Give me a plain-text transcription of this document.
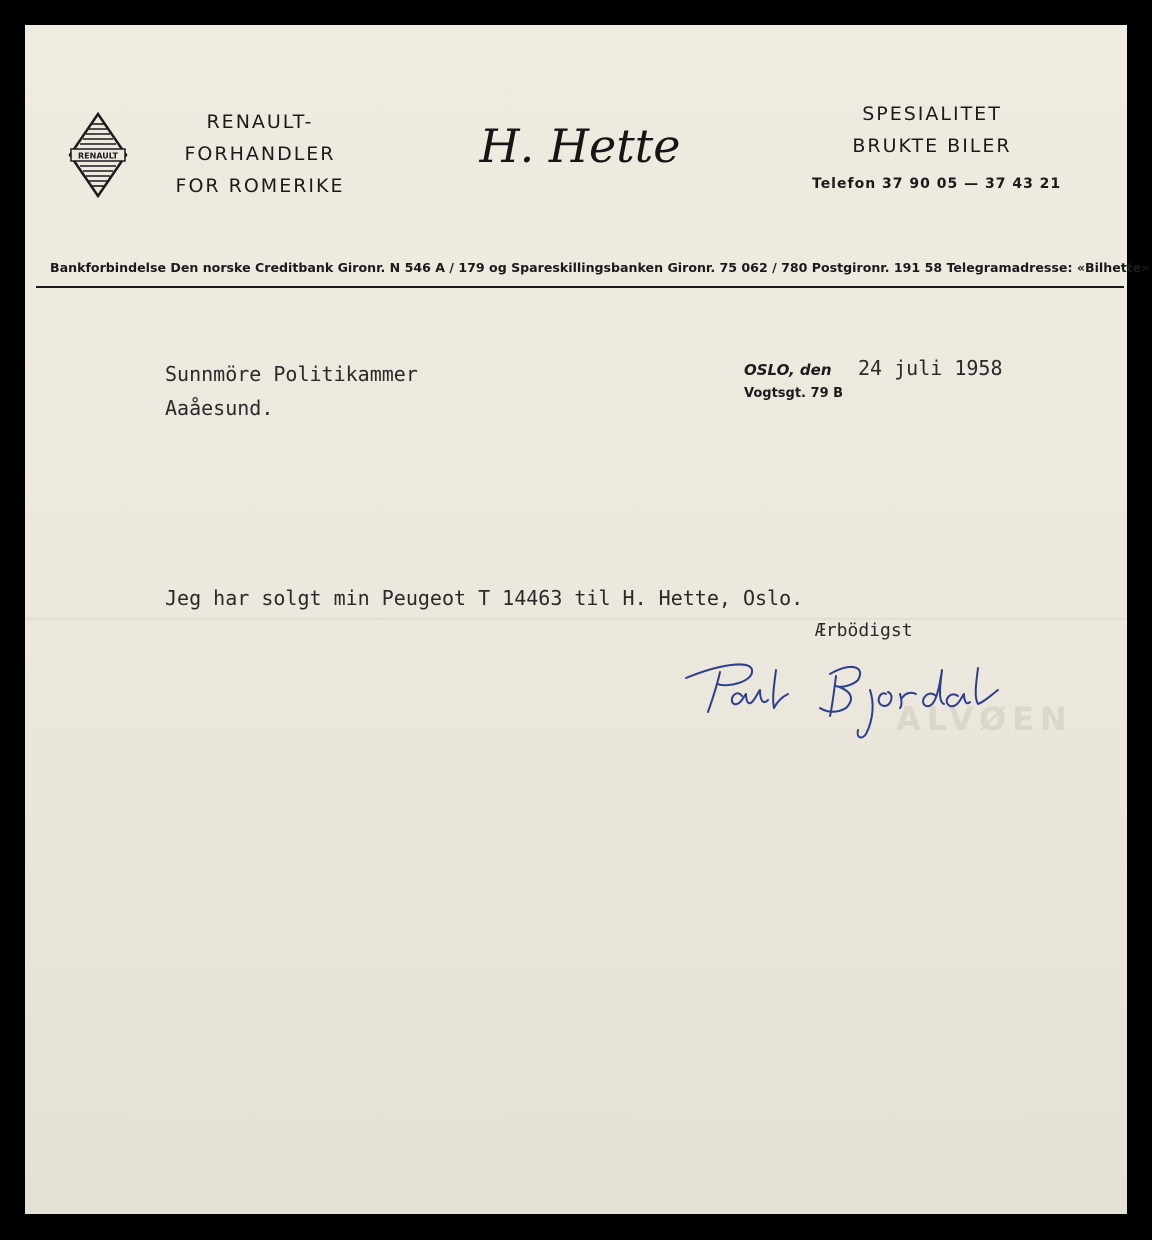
RENAULT
RENAULT-
FORHANDLER
FOR ROMERIKE
H. Hette
SPESIALITET
BRUKTE BILER
Telefon 37 90 05 — 37 43 21
Bankforbindelse Den norske Creditbank Gironr. N 546 A / 179 og Spareskillingsbanken Gironr. 75 062 / 780 Postgironr. 191 58 Telegramadresse: «Bilhette»
Sunnmöre Politikammer
Aaåesund.
OSLO, den 24 juli 1958
Vogtsgt. 79 B
Jeg har solgt min Peugeot T 14463 til H. Hette, Oslo.
Ærbödigst
ALVØEN
Paul Bjørdal
